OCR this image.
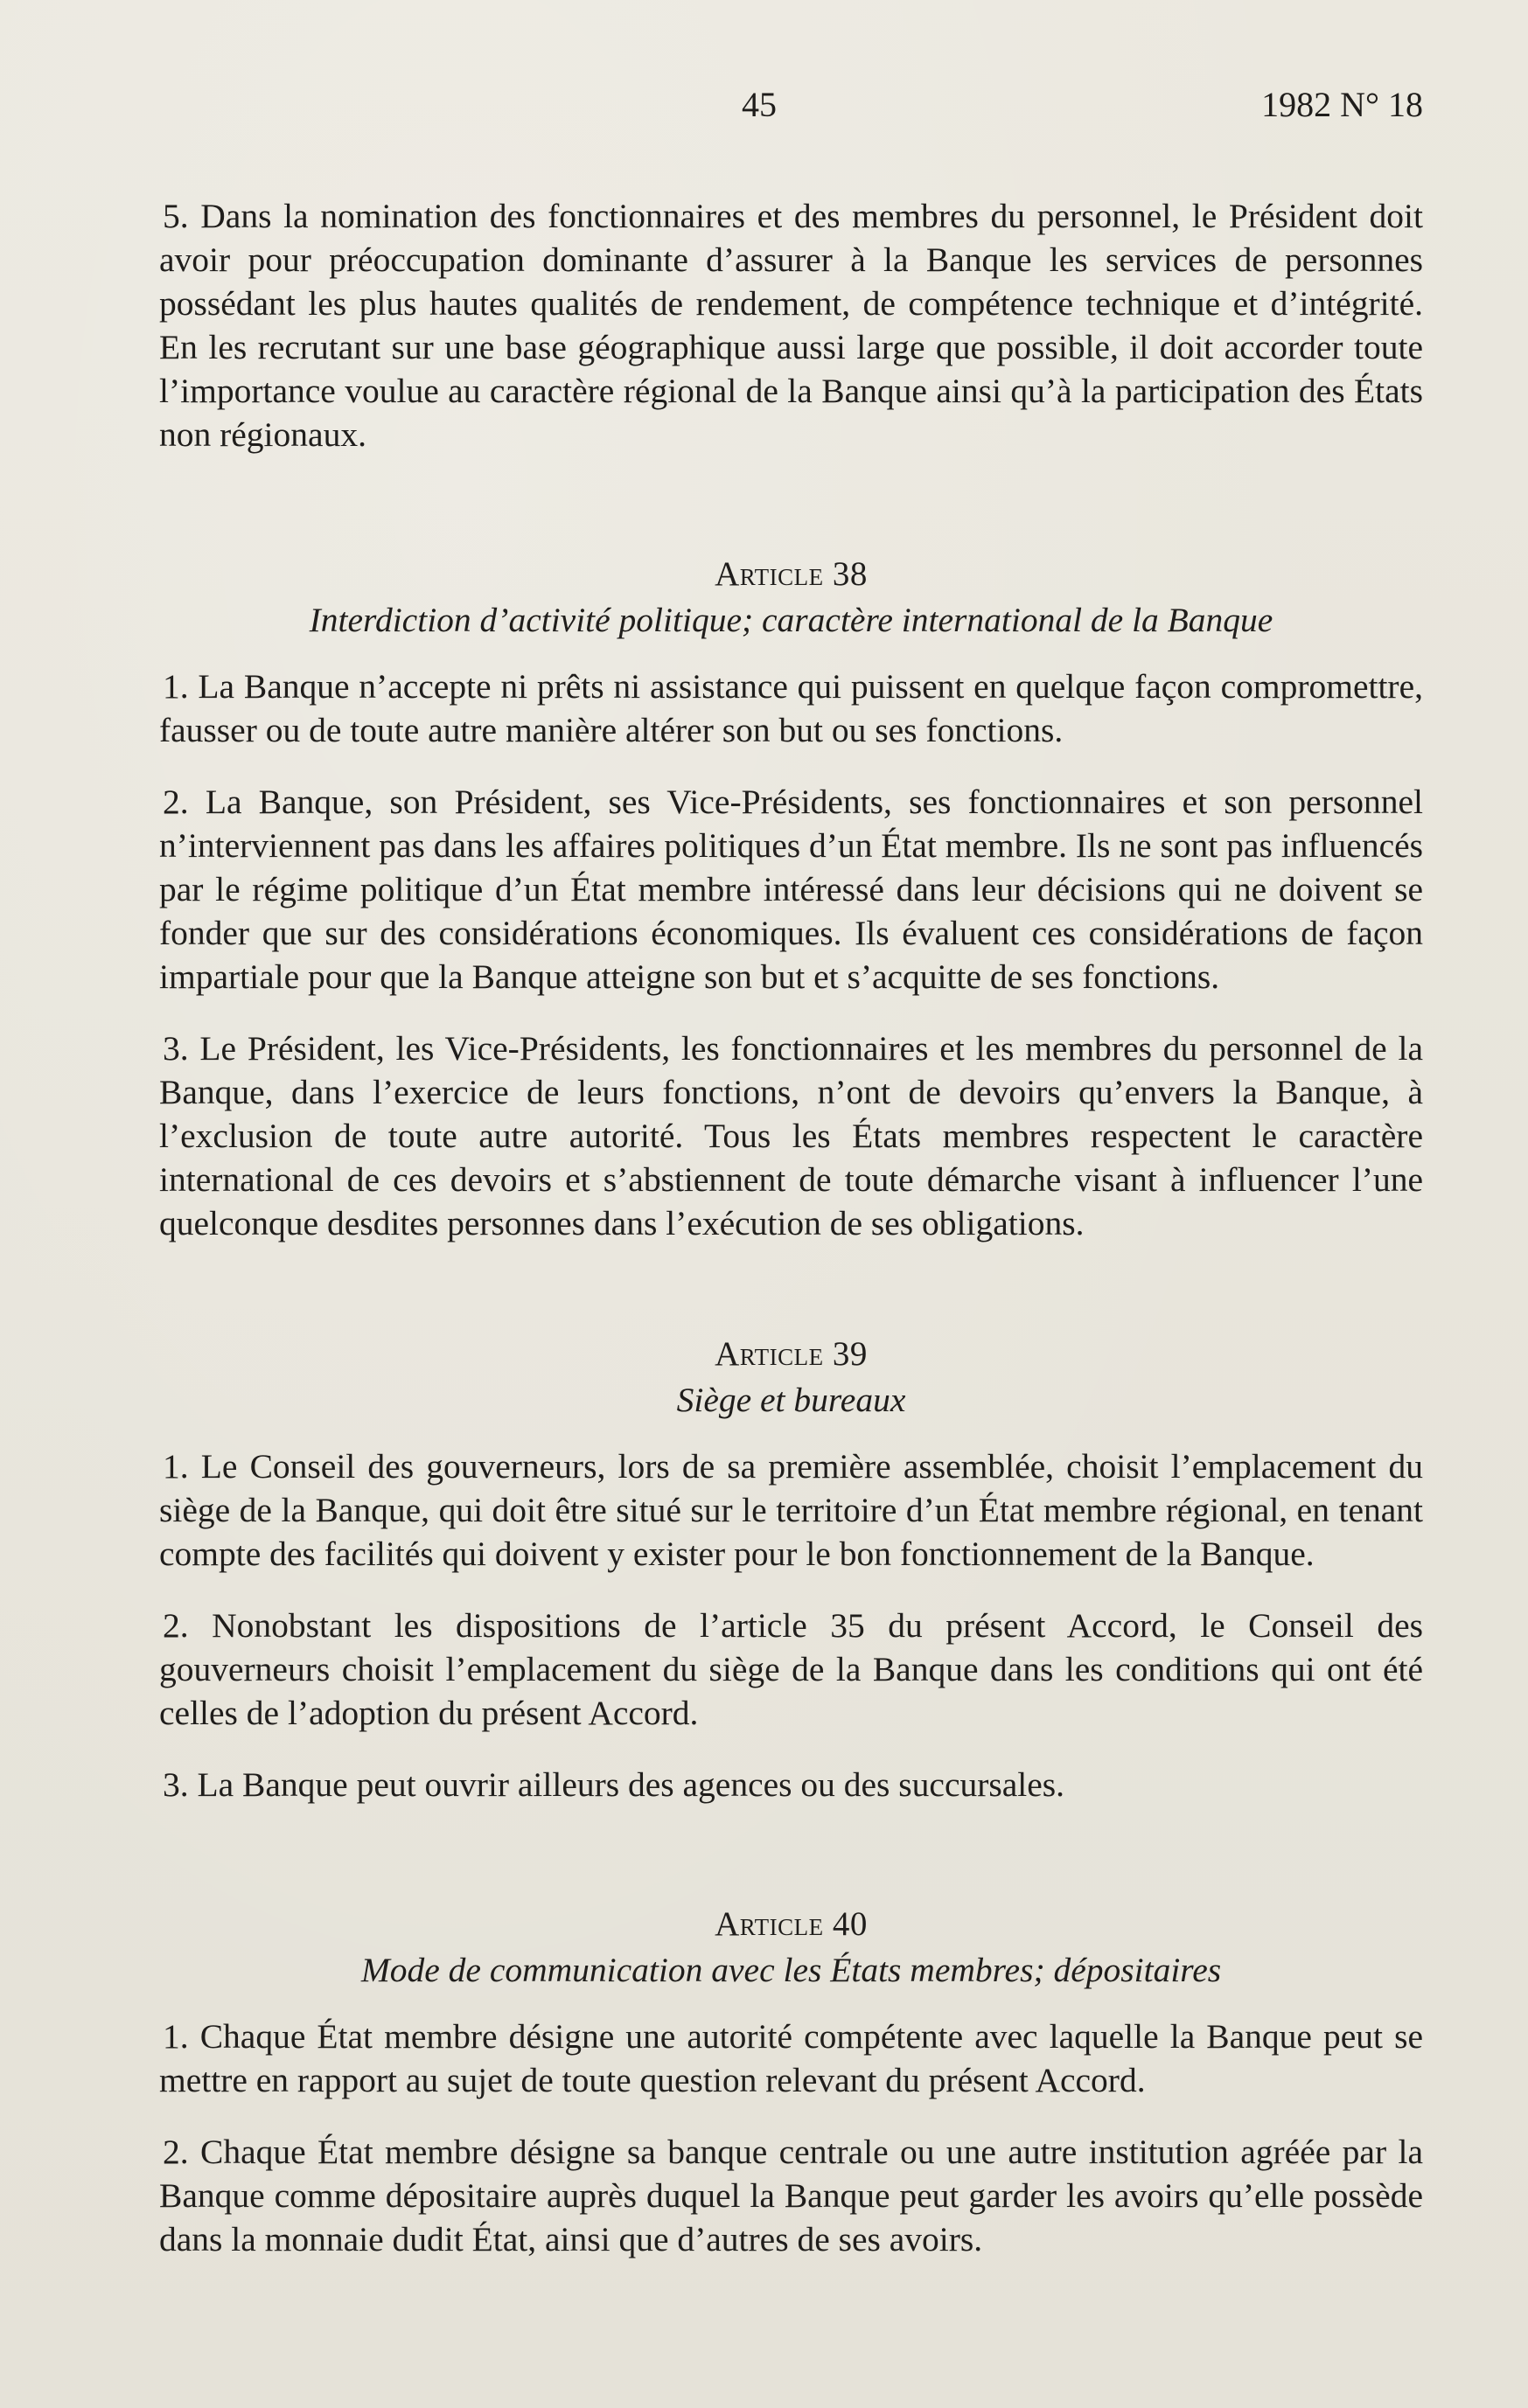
45	1982 N° 18

5. Dans la nomination des fonctionnaires et des membres du personnel, le Président doit avoir pour préoccupation dominante d’assurer à la Banque les services de personnes possédant les plus hautes qualités de rendement, de compétence technique et d’intégrité. En les recrutant sur une base géographique aussi large que possible, il doit accorder toute l’importance voulue au caractère régional de la Banque ainsi qu’à la participation des États non régionaux.

Article 38
Interdiction d’activité politique; caractère international de la Banque

1. La Banque n’accepte ni prêts ni assistance qui puissent en quelque façon compromettre, fausser ou de toute autre manière altérer son but ou ses fonctions.

2. La Banque, son Président, ses Vice-Présidents, ses fonctionnaires et son personnel n’interviennent pas dans les affaires politiques d’un État membre. Ils ne sont pas influencés par le régime politique d’un État membre intéressé dans leur décisions qui ne doivent se fonder que sur des considérations économiques. Ils évaluent ces considérations de façon impartiale pour que la Banque atteigne son but et s’acquitte de ses fonctions.

3. Le Président, les Vice-Présidents, les fonctionnaires et les membres du personnel de la Banque, dans l’exercice de leurs fonctions, n’ont de devoirs qu’envers la Banque, à l’exclusion de toute autre autorité. Tous les États membres respectent le caractère international de ces devoirs et s’abstiennent de toute démarche visant à influencer l’une quelconque desdites personnes dans l’exécution de ses obligations.

Article 39
Siège et bureaux

1. Le Conseil des gouverneurs, lors de sa première assemblée, choisit l’emplacement du siège de la Banque, qui doit être situé sur le territoire d’un État membre régional, en tenant compte des facilités qui doivent y exister pour le bon fonctionnement de la Banque.

2. Nonobstant les dispositions de l’article 35 du présent Accord, le Conseil des gouverneurs choisit l’emplacement du siège de la Banque dans les conditions qui ont été celles de l’adoption du présent Accord.

3. La Banque peut ouvrir ailleurs des agences ou des succursales.

Article 40
Mode de communication avec les États membres; dépositaires

1. Chaque État membre désigne une autorité compétente avec laquelle la Banque peut se mettre en rapport au sujet de toute question relevant du présent Accord.

2. Chaque État membre désigne sa banque centrale ou une autre institution agréée par la Banque comme dépositaire auprès duquel la Banque peut garder les avoirs qu’elle possède dans la monnaie dudit État, ainsi que d’autres de ses avoirs.
